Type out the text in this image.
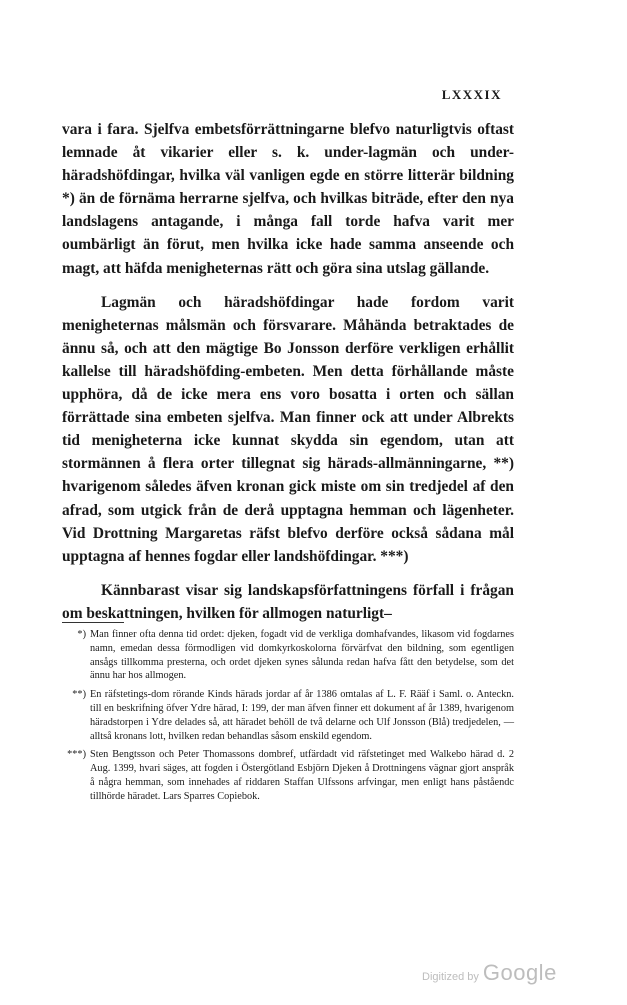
LXXXIX

vara i fara. Sjelfva embetsförrättningarne blefvo naturligtvis oftast lemnade åt vikarier eller s. k. under-lagmän och under-häradshöfdingar, hvilka väl vanligen egde en större litterär bildning *) än de förnäma herrarne sjelfva, och hvilkas biträde, efter den nya landslagens antagande, i många fall torde hafva varit mer oumbärligt än förut, men hvilka icke hade samma anseende och magt, att häfda menigheternas rätt och göra sina utslag gällande.

Lagmän och häradshöfdingar hade fordom varit menigheternas målsmän och försvarare. Måhända betraktades de ännu så, och att den mägtige Bo Jonsson derföre verkligen erhållit kallelse till häradshöfding-embeten. Men detta förhållande måste upphöra, då de icke mera ens voro bosatta i orten och sällan förrättade sina embeten sjelfva. Man finner ock att under Albrekts tid menigheterna icke kunnat skydda sin egendom, utan att stormännen å flera orter tillegnat sig härads-allmänningarne, **) hvarigenom således äfven kronan gick miste om sin tredjedel af den afrad, som utgick från de derå upptagna hemman och lägenheter. Vid Drottning Margaretas räfst blefvo derföre också sådana mål upptagna af hennes fogdar eller landshöfdingar. ***)

Kännbarast visar sig landskapsförfattningens förfall i frågan om beskattningen, hvilken för allmogen naturligt–

*) Man finner ofta denna tid ordet: djeken, fogadt vid de verkliga domhafvandes, likasom vid fogdarnes namn, emedan dessa förmodligen vid domkyrkoskolorna förvärfvat den bildning, som egentligen ansågs tillkomma presterna, och ordet djeken synes sålunda redan hafva fått den betydelse, som det ännu har hos allmogen.
**) En räfstetings-dom rörande Kinds härads jordar af år 1386 omtalas af L. F. Rääf i Saml. o. Anteckn. till en beskrifning öfver Ydre härad, I: 199, der man äfven finner ett dokument af år 1389, hvarigenom häradstorpen i Ydre delades så, att häradet behöll de två delarne och Ulf Jonsson (Blå) tredjedelen, — alltså kronans lott, hvilken redan behandlas såsom enskild egendom.
***) Sten Bengtsson och Peter Thomassons dombref, utfärdadt vid räfstetinget med Walkebo härad d. 2 Aug. 1399, hvari säges, att fogden i Östergötland Esbjörn Djeken å Drottningens vägnar gjort anspråk å några hemman, som innehades af riddaren Staffan Ulfssons arfvingar, men enligt hans påståendc tillhörde häradet. Lars Sparres Copiebok.
Digitized by Google
